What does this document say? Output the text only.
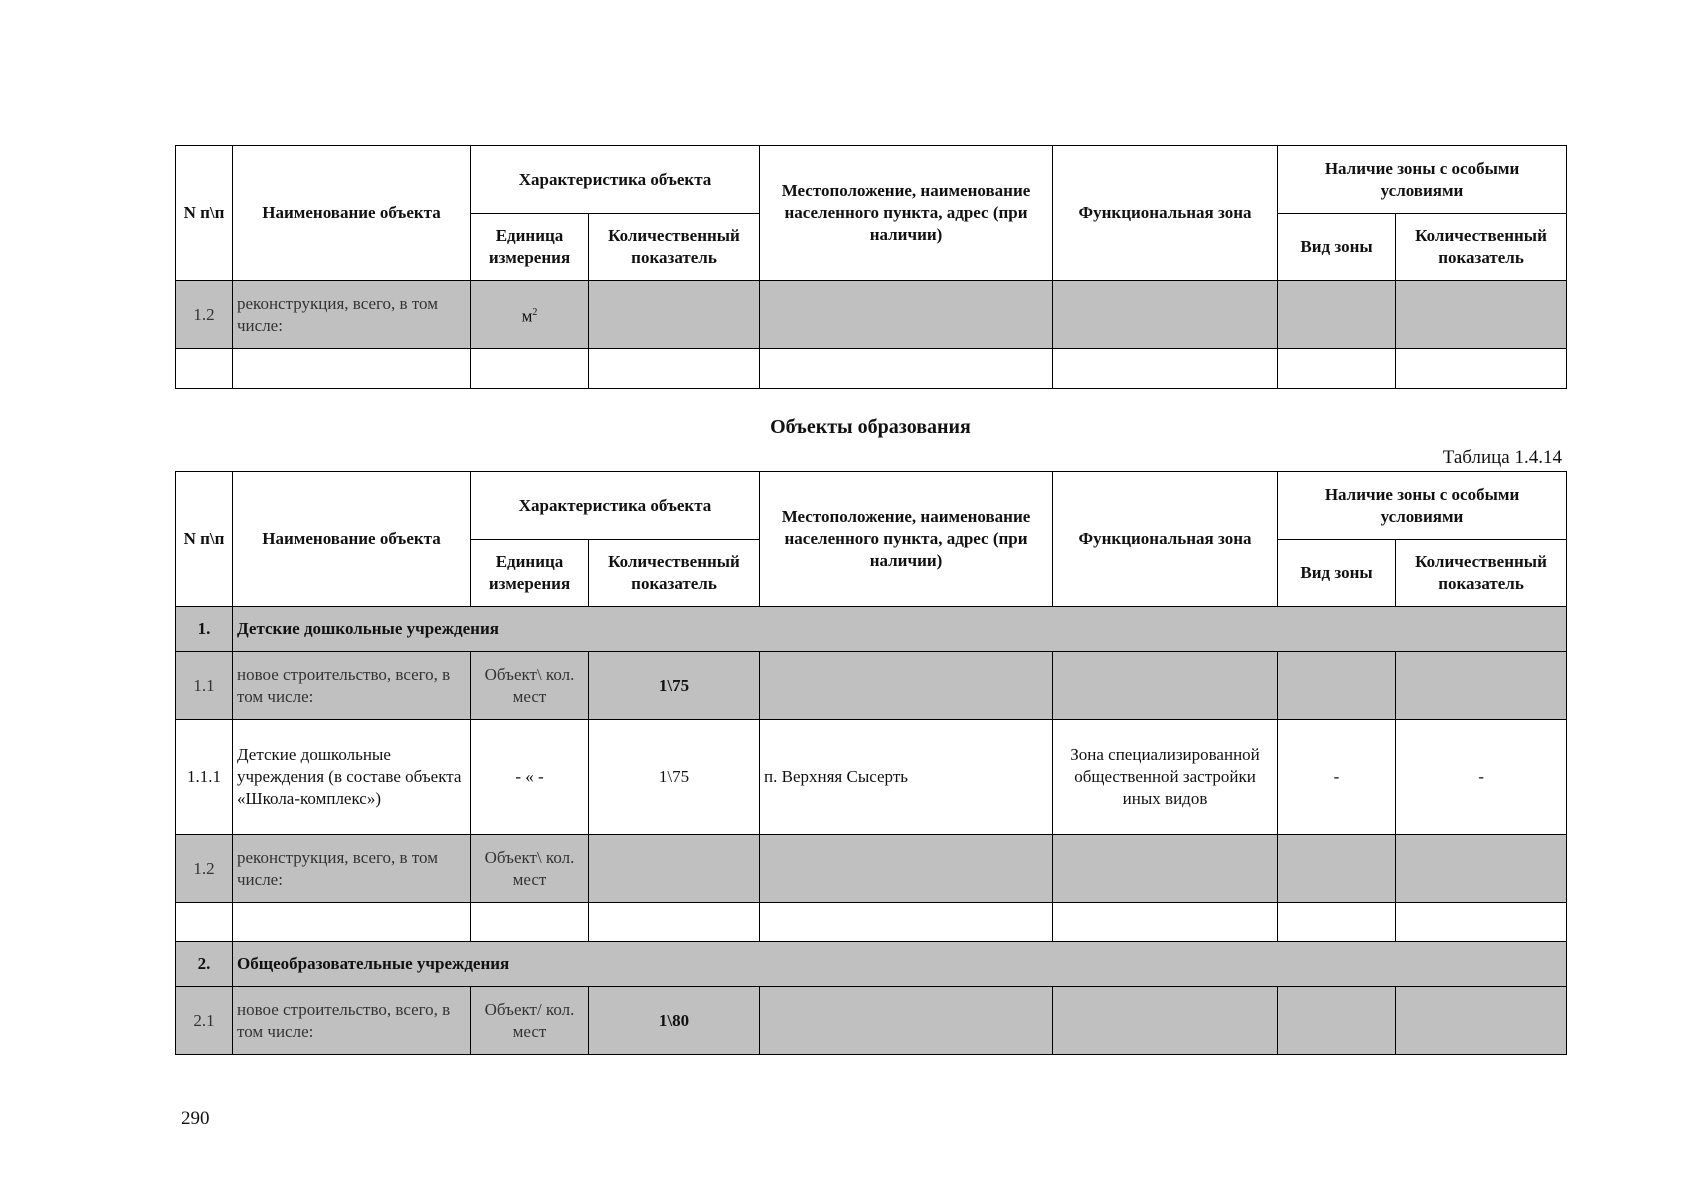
N п\п	Наименование объекта	Характеристика объекта		Местоположение, наименование населенного пункта, адрес (при наличии)	Функциональная зона	Наличие зоны с особыми условиями	
		Единица измерения	Количественный показатель			Вид зоны	Количественный показатель
1.2	реконструкция, всего, в том числе:	$м^2$					

Объекты образования
Таблица 1.4.14
N п\п	Наименование объекта	Характеристика объекта		Местоположение, наименование населенного пункта, адрес (при наличии)	Функциональная зона	Наличие зоны с особыми условиями	
		Единица измерения	Количественный показатель			Вид зоны	Количественный показатель
1.	Детские дошкольные учреждения						
1.1	новое строительство, всего, в том числе:	Объект\ кол. мест	1\75				
1.1.1	Детские дошкольные учреждения (в составе объекта «Школа-комплекс»)	- « -	1\75	п. Верхняя Сысерть	Зона специализированной общественной застройки иных видов	-	-
1.2	реконструкция, всего, в том числе:	Объект\ кол. мест					

2.	Общеобразовательные учреждения						
2.1	новое строительство, всего, в том числе:	Объект/ кол. мест	1\80				
290
